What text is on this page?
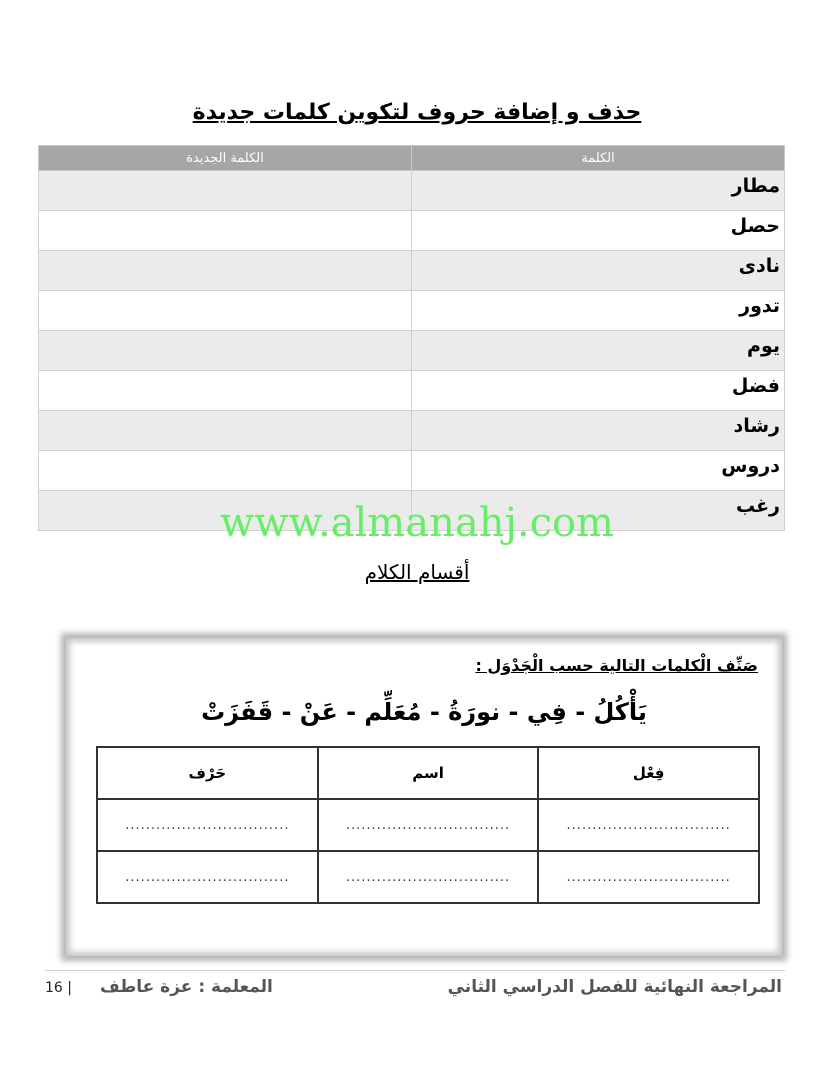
حذف و إضافة حروف لتكوين كلمات جديدة
الكلمة	الكلمة الجديدة
مطار	
حصل	
نادى	
تدور	
يوم	
فضل	
رشاد	
دروس	
رغب	
www.almanahj.com
أقسام الكلام
صَنِّف الْكلمات التالية حسب الْجَدْوَل :
يَأْكُلُ - فِي - نورَةُ - مُعَلِّم - عَنْ - قَفَزَتْ
فِعْل	اسم	حَرْف
................................	................................	................................
................................	................................	................................
16 | المعلمة : عزة عاطف	المراجعة النهائية للفصل الدراسي الثاني
